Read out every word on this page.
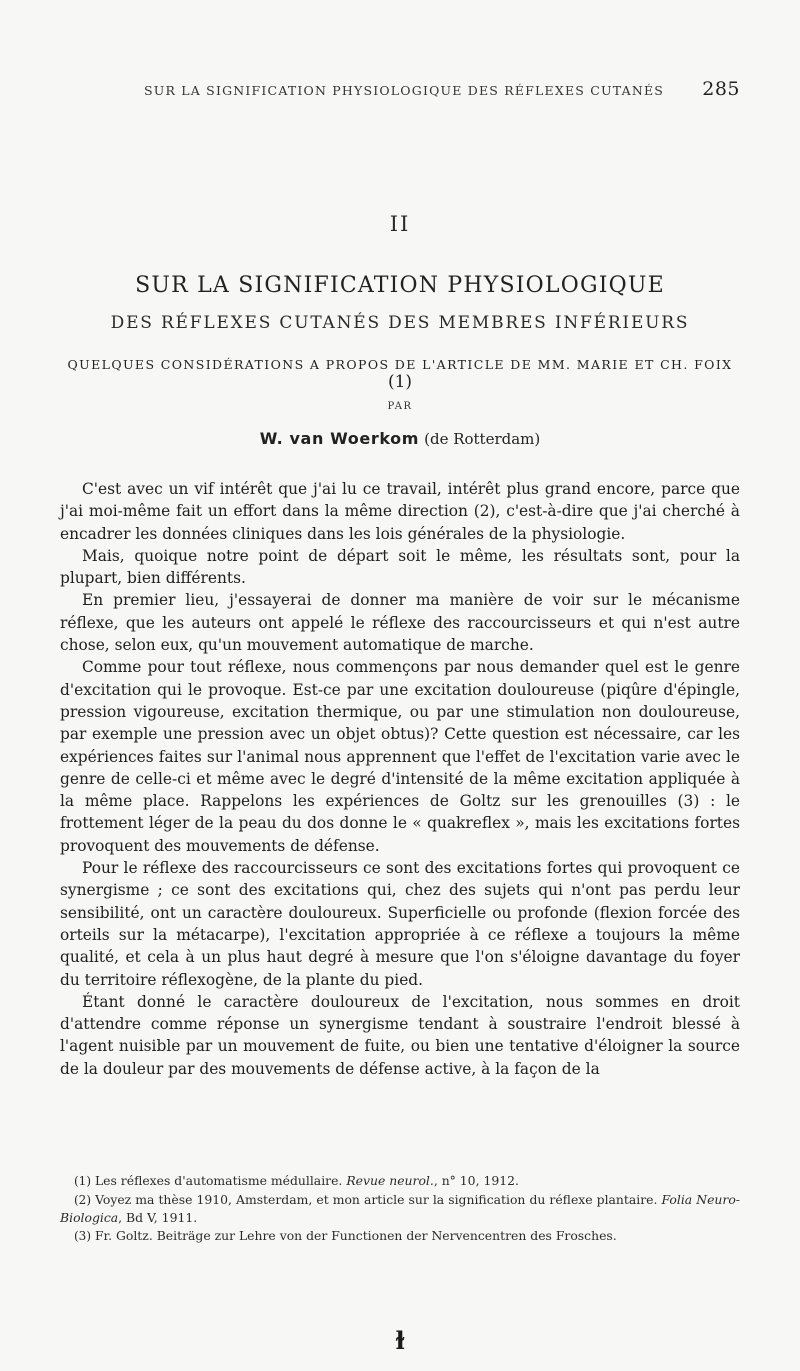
SUR LA SIGNIFICATION PHYSIOLOGIQUE DES RÉFLEXES CUTANÉS 285
II
SUR LA SIGNIFICATION PHYSIOLOGIQUE
DES RÉFLEXES CUTANÉS DES MEMBRES INFÉRIEURS
QUELQUES CONSIDÉRATIONS A PROPOS DE L'ARTICLE DE MM. MARIE ET CH. FOIX (1)
PAR
W. van Woerkom (de Rotterdam)

C'est avec un vif intérêt que j'ai lu ce travail, intérêt plus grand encore, parce que j'ai moi-même fait un effort dans la même direction (2), c'est-à-dire que j'ai cherché à encadrer les données cliniques dans les lois générales de la physiologie.

Mais, quoique notre point de départ soit le même, les résultats sont, pour la plupart, bien différents.

En premier lieu, j'essayerai de donner ma manière de voir sur le mécanisme réflexe, que les auteurs ont appelé le réflexe des raccourcisseurs et qui n'est autre chose, selon eux, qu'un mouvement automatique de marche.

Comme pour tout réflexe, nous commençons par nous demander quel est le genre d'excitation qui le provoque. Est-ce par une excitation douloureuse (piqûre d'épingle, pression vigoureuse, excitation thermique, ou par une stimulation non douloureuse, par exemple une pression avec un objet obtus)? Cette question est nécessaire, car les expériences faites sur l'animal nous apprennent que l'effet de l'excitation varie avec le genre de celle-ci et même avec le degré d'intensité de la même excitation appliquée à la même place. Rappelons les expériences de Goltz sur les grenouilles (3) : le frottement léger de la peau du dos donne le « quakreflex », mais les excitations fortes provoquent des mouvements de défense.

Pour le réflexe des raccourcisseurs ce sont des excitations fortes qui provoquent ce synergisme ; ce sont des excitations qui, chez des sujets qui n'ont pas perdu leur sensibilité, ont un caractère douloureux. Superficielle ou profonde (flexion forcée des orteils sur la métacarpe), l'excitation appropriée à ce réflexe a toujours la même qualité, et cela à un plus haut degré à mesure que l'on s'éloigne davantage du foyer du territoire réflexogène, de la plante du pied.

Étant donné le caractère douloureux de l'excitation, nous sommes en droit d'attendre comme réponse un synergisme tendant à soustraire l'endroit blessé à l'agent nuisible par un mouvement de fuite, ou bien une tentative d'éloigner la source de la douleur par des mouvements de défense active, à la façon de la

(1) Les réflexes d'automatisme médullaire. Revue neurol., n° 10, 1912.

(2) Voyez ma thèse 1910, Amsterdam, et mon article sur la signification du réflexe plantaire. Folia Neuro-Biologica, Bd V, 1911.

(3) Fr. Goltz. Beiträge zur Lehre von der Functionen der Nervencentren des Frosches.

ɫ
